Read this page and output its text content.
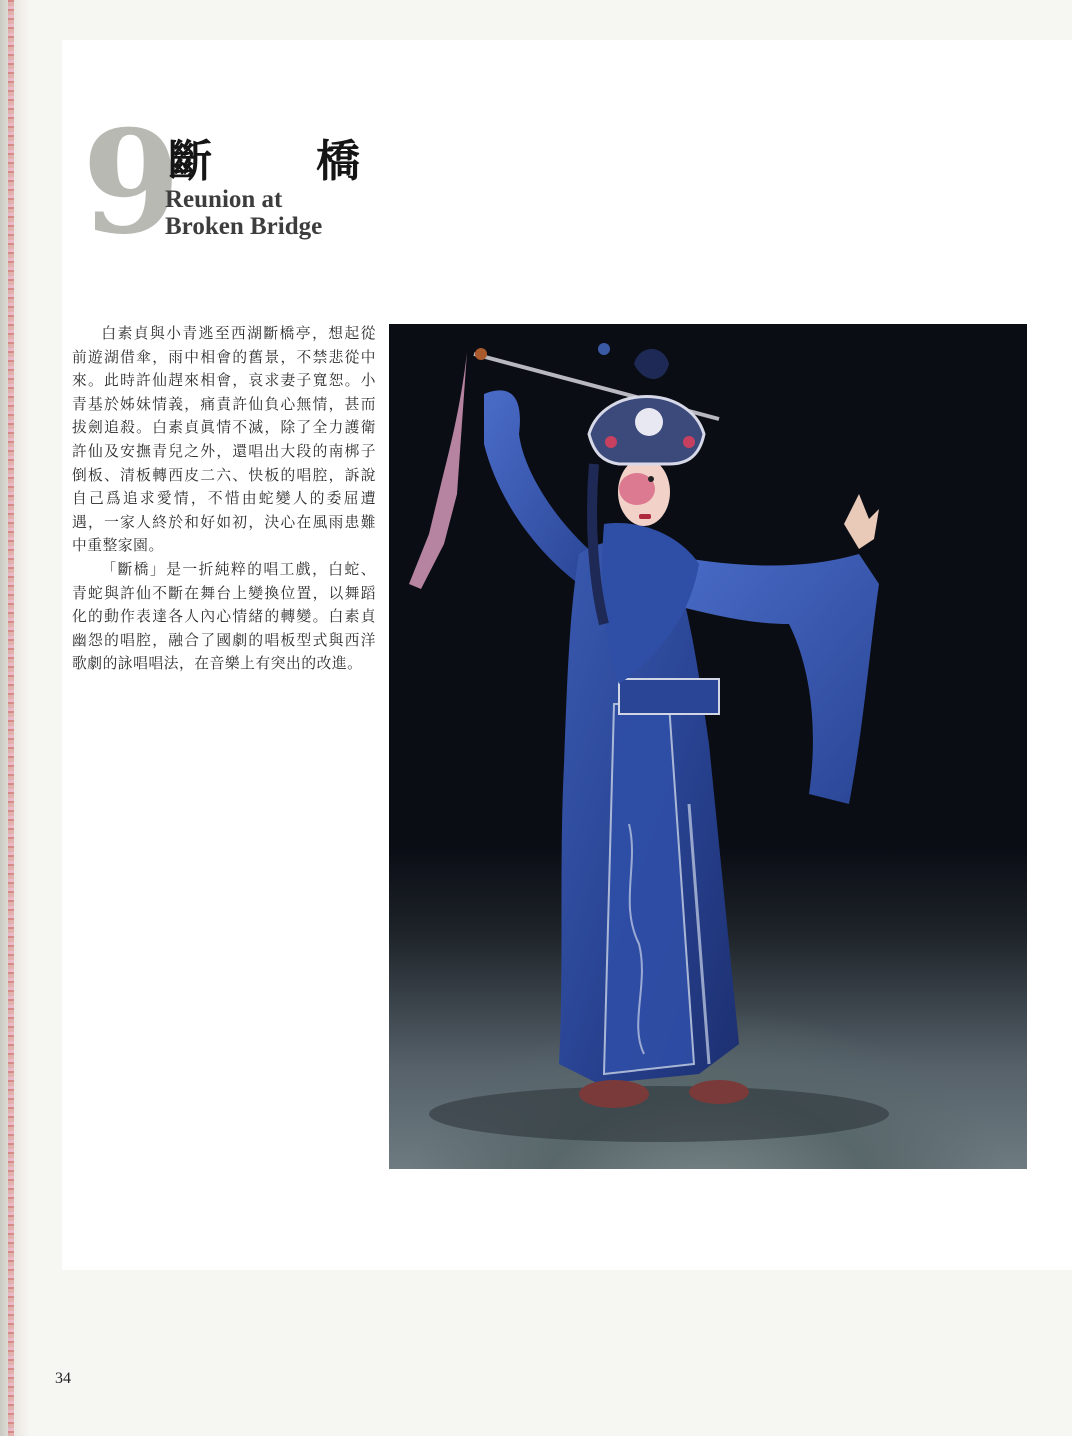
9
斷 橋
Reunion at
Broken Bridge

白素貞與小青逃至西湖斷橋亭，想起從前遊湖借傘，雨中相會的舊景，不禁悲從中來。此時許仙趕來相會，哀求妻子寬恕。小青基於姊妹情義，痛責許仙負心無情，甚而拔劍追殺。白素貞眞情不滅，除了全力護衛許仙及安撫青兒之外，還唱出大段的南梆子倒板、清板轉西皮二六、快板的唱腔，訴說自己爲追求愛情，不惜由蛇變人的委屈遭遇，一家人終於和好如初，決心在風雨患難中重整家園。

「斷橋」是一折純粹的唱工戲，白蛇、青蛇與許仙不斷在舞台上變換位置，以舞蹈化的動作表達各人內心情緒的轉變。白素貞幽怨的唱腔，融合了國劇的唱板型式與西洋歌劇的詠唱唱法，在音樂上有突出的改進。

34
